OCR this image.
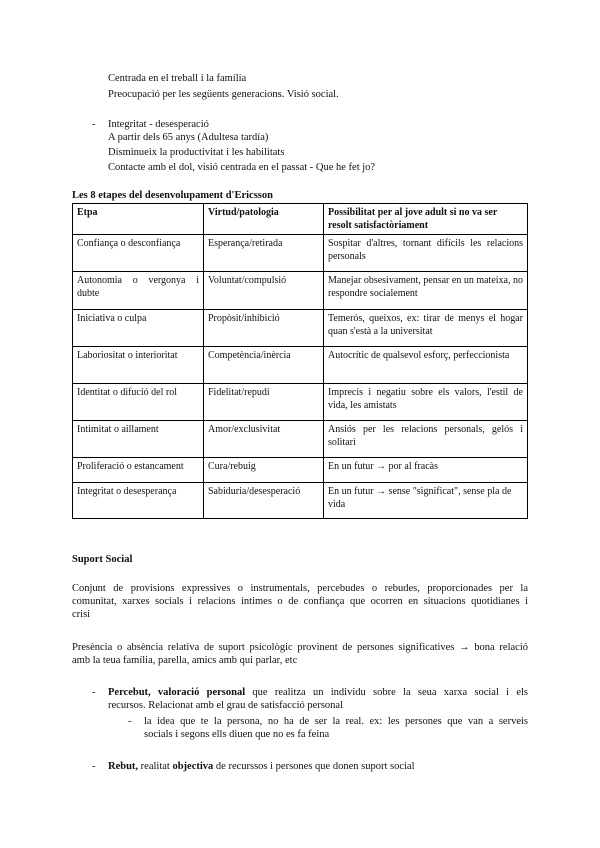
Centrada en el treball i la família
Preocupació per les següents generacions. Visió social.
- Integritat - desesperació
A partir dels 65 anys (Adultesa tardía)
Disminueix la productivitat i les habilitats
Contacte amb el dol, visió centrada en el passat - Que he fet jo?
Les 8 etapes del desenvolupament d'Ericsson
Etpa	Virtud/patologia	Possibilitat per al jove adult si no va ser resolt satisfactòriament
Confiança o desconfiança	Esperança/retirada	Sospitar d'altres, tornant difícils les relacions personals
Autonomia o vergonya i dubte	Voluntat/compulsió	Manejar obsesivament, pensar en un mateixa, no respondre socialement
Iniciativa o culpa	Propòsit/inhibició	Temerós, queixos, ex: tirar de menys el hogar quan s'està a la universitat
Laboriositat o interioritat	Competència/inèrcia	Autocrític de qualsevol esforç, perfeccionista
Identitat o difució del rol	Fidelitat/repudi	Imprecís i negatiu sobre els valors, l'estil de vida, les amistats
Intimitat o aillament	Amor/exclusivitat	Ansiós per les relacions personals, gelós i solitari
Proliferació o estancament	Cura/rebuig	En un futur → por al fracàs
Integritat o desesperança	Sabiduria/desesperació	En un futur → sense "significat", sense pla de vida
Suport Social
Conjunt de provisions expressives o instrumentals, percebudes o rebudes, proporcionades per la
comunitat, xarxes socials i relacions íntimes o de confiança que ocorren en situacions quotidianes i
crisi
Presència o absència relativa de suport psicològic provinent de persones significatives → bona relació
amb la teua família, parella, amics amb qui parlar, etc
- Percebut, valoració personal que realitza un individu sobre la seua xarxa social i els
recursos. Relacionat amb el grau de satisfacció personal
- la idea que te la persona, no ha de ser la real. ex: les persones que van a serveis
socials i segons ells diuen que no es fa feina
- Rebut, realitat objectiva de recurssos i persones que donen suport social
